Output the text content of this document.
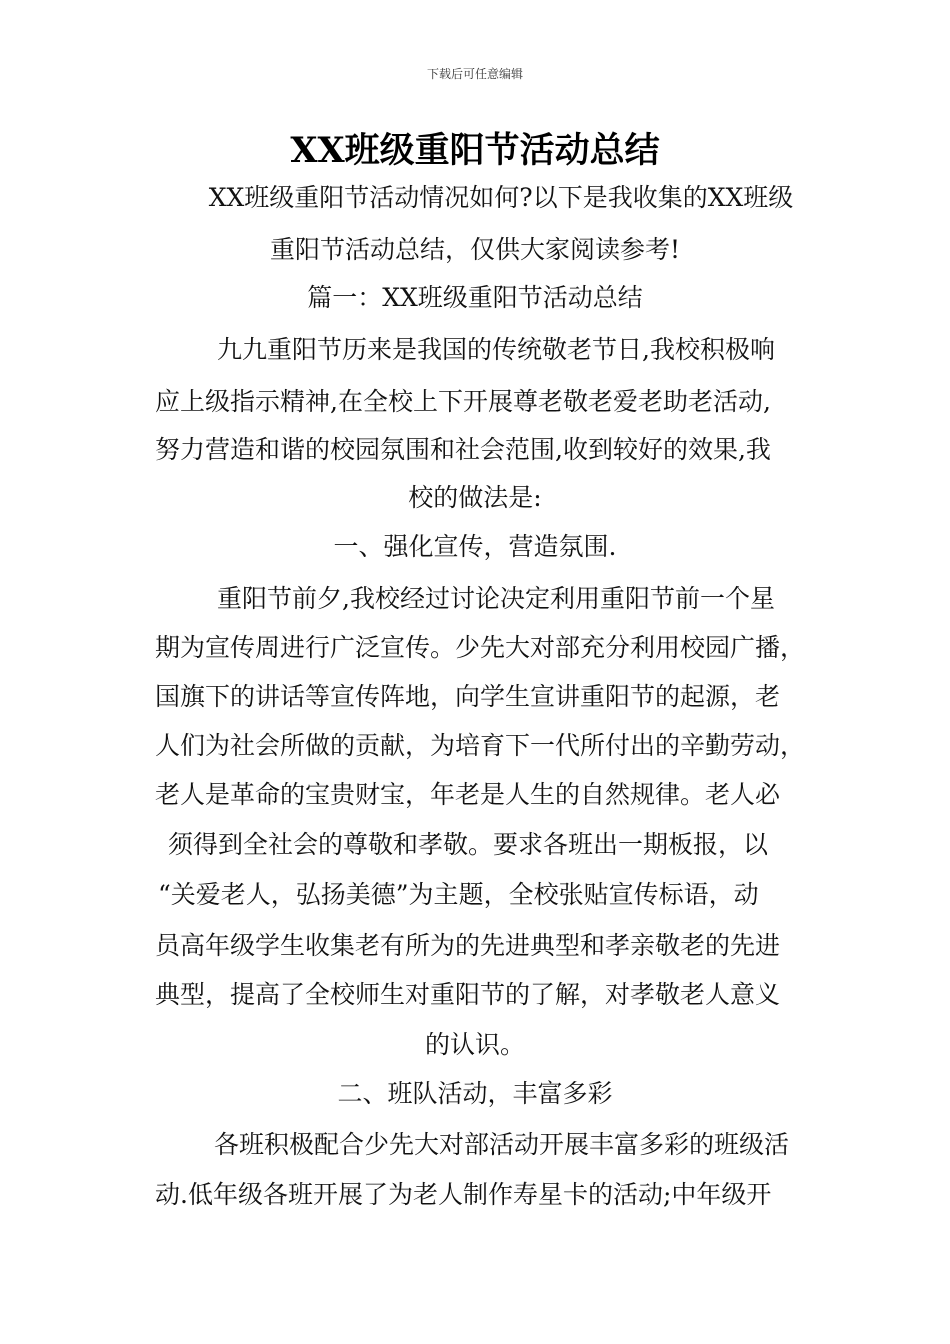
下载后可任意编辑
XX班级重阳节活动总结
XX班级重阳节活动情况如何?以下是我收集的XX班级
重阳节活动总结，仅供大家阅读参考!
篇一：XX班级重阳节活动总结
九九重阳节历来是我国的传统敬老节日,我校积极响
应上级指示精神,在全校上下开展尊老敬老爱老助老活动,
努力营造和谐的校园氛围和社会范围,收到较好的效果,我
校的做法是:
一、强化宣传，营造氛围.
重阳节前夕,我校经过讨论决定利用重阳节前一个星
期为宣传周进行广泛宣传。少先大对部充分利用校园广播，
国旗下的讲话等宣传阵地，向学生宣讲重阳节的起源，老
人们为社会所做的贡献，为培育下一代所付出的辛勤劳动，
老人是革命的宝贵财宝，年老是人生的自然规律。老人必
须得到全社会的尊敬和孝敬。要求各班出一期板报，以
“关爱老人，弘扬美德”为主题，全校张贴宣传标语，动
员高年级学生收集老有所为的先进典型和孝亲敬老的先进
典型，提高了全校师生对重阳节的了解，对孝敬老人意义
的认识。
二、班队活动，丰富多彩
各班积极配合少先大对部活动开展丰富多彩的班级活
动.低年级各班开展了为老人制作寿星卡的活动;中年级开
